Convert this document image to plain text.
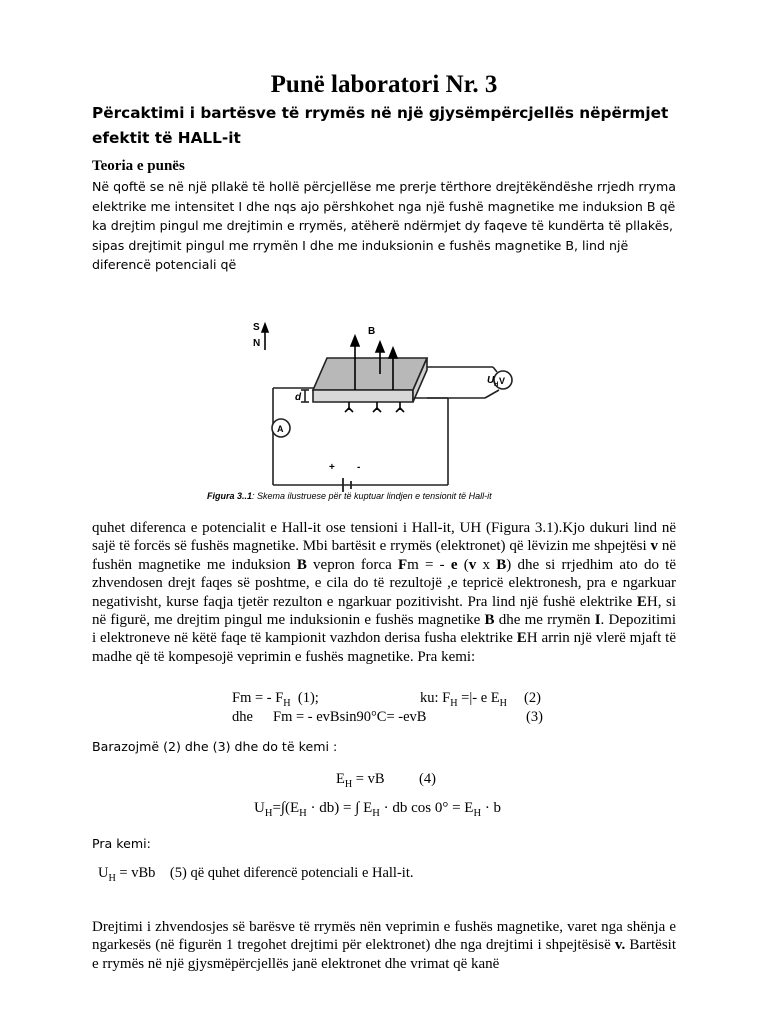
Punë laboratori Nr. 3
Përcaktimi i bartësve të rrymës në një gjysëmpërcjellës nëpërmjet efektit të HALL-it
Teoria e punës

Në qoftë se në një pllakë të hollë përcjellëse me prerje tërthore drejtëkëndëshe rrjedh rryma elektrike me intensitet I dhe nqs ajo përshkohet nga një fushë magnetike me induksion B që ka drejtim pingul me drejtimin e rrymës, atëherë ndërmjet dy faqeve të kundërta të pllakës, sipas drejtimit pingul me rrymën I dhe me induksionin e fushës magnetike B, lind një diferencë potenciali që

S
N
B
d
U H V
A
+ -
Figura 3..1: Skema ilustruese për të kuptuar lindjen e tensionit të Hall-it

quhet diferenca e potencialit e Hall-it ose tensioni i Hall-it, UH (Figura 3.1).Kjo dukuri lind në sajë të forcës së fushës magnetike. Mbi bartësit e rrymës (elektronet) që lëvizin me shpejtësi v në fushën magnetike me induksion B vepron forca Fm = - e (v x B) dhe si rrjedhim ato do të zhvendosen drejt faqes së poshtme, e cila do të rezultojë ,e tepricë elektronesh, pra e ngarkuar negativisht, kurse faqja tjetër rezulton e ngarkuar pozitivisht. Pra lind një fushë elektrike EH, si në figurë, me drejtim pingul me induksionin e fushës magnetike B dhe me rrymën I. Depozitimi i elektroneve në këtë faqe të kampionit vazhdon derisa fusha elektrike EH arrin një vlerë mjaft të madhe që të kompesojë veprimin e fushës magnetike. Pra kemi:

Fm = - $F_H$ (1);	ku: $F_H$ =|- e $E_H$ (2)
dhe Fm = - evBsin90°C= -evB	(3)

Barazojmë (2) dhe (3) dhe do të kemi :

$E_H$ = vB (4)
$U_H=\int(E_H \cdot db)$ = ∫ $E_H$ · db $\cos 0^\circ = E_H \cdot b$

Pra kemi:

$U_H$ = vBb (5) që quhet diferencë potenciali e Hall-it.

Drejtimi i zhvendosjes së barësve të rrymës nën veprimin e fushës magnetike, varet nga shënja e ngarkesës (në figurën 1 tregohet drejtimi për elektronet) dhe nga drejtimi i shpejtësisë v. Bartësit e rrymës në një gjysmëpërcjellës janë elektronet dhe vrimat që kanë
